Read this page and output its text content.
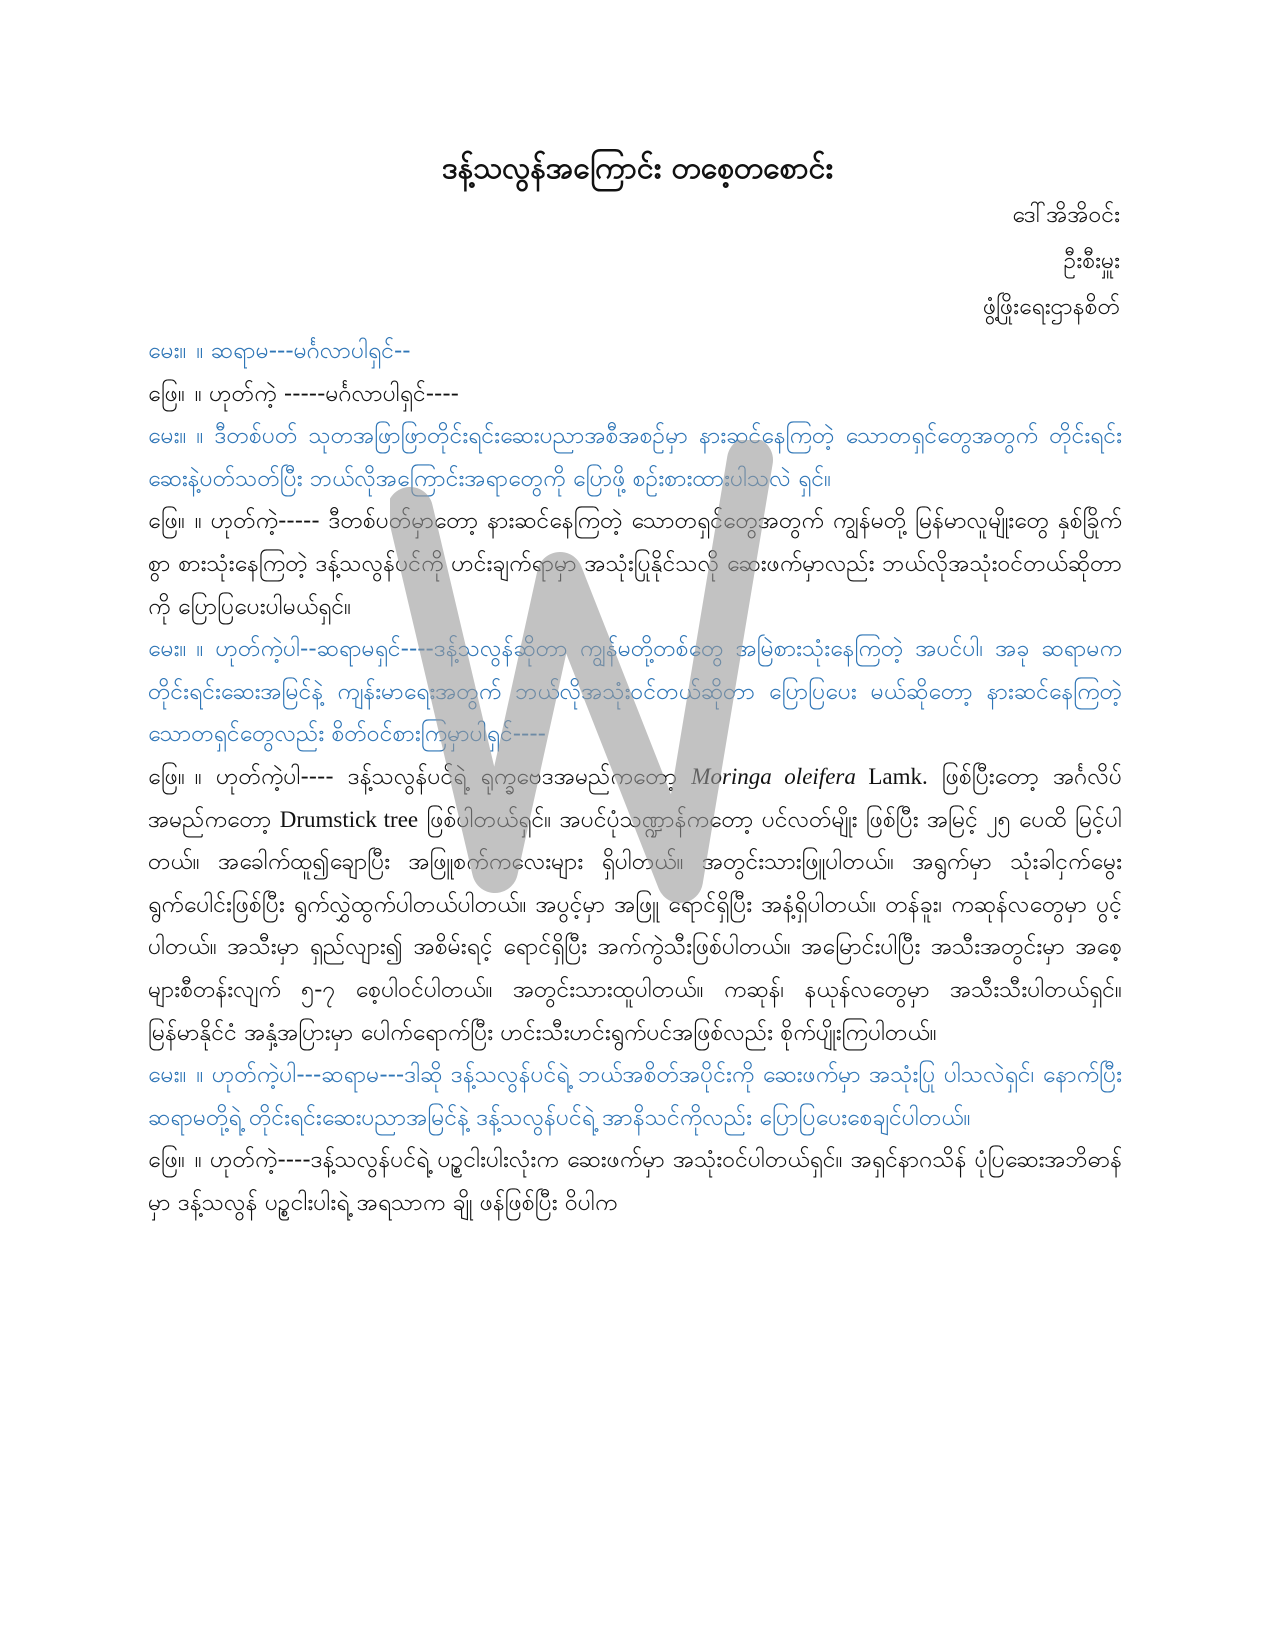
ဒန့်သလွန်အကြောင်း တစေ့တစောင်း
ဒေါ်အိအိဝင်း
ဦးစီးမှူး
ဖွံ့ဖြိုးရေးဌာနစိတ်

မေး။ ။ ဆရာမ---မင်္ဂလာပါရှင်--

ဖြေ။ ။ ဟုတ်ကဲ့ -----မင်္ဂလာပါရှင်----

မေး။ ။ ဒီတစ်ပတ် သုတအဖြာဖြာတိုင်းရင်းဆေးပညာအစီအစဉ်မှာ နားဆင်နေကြတဲ့ သောတရှင်တွေအတွက် တိုင်းရင်းဆေးနဲ့ပတ်သတ်ပြီး ဘယ်လိုအကြောင်းအရာတွေကို ပြောဖို့ စဉ်းစားထားပါသလဲ ရှင်။

ဖြေ။ ။ ဟုတ်ကဲ့----- ဒီတစ်ပတ်မှာတော့ နားဆင်နေကြတဲ့ သောတရှင်တွေအတွက် ကျွန်မတို့ မြန်မာလူမျိုးတွေ နှစ်ခြိုက်စွာ စားသုံးနေကြတဲ့ ဒန့်သလွန်ပင်ကို ဟင်းချက်ရာမှာ အသုံးပြုနိုင်သလို ဆေးဖက်မှာလည်း ဘယ်လိုအသုံးဝင်တယ်ဆိုတာကို ပြောပြပေးပါမယ်ရှင်။

မေး။ ။ ဟုတ်ကဲ့ပါ--ဆရာမရှင်----ဒန့်သလွန်ဆိုတာ ကျွန်မတို့တစ်တွေ အမြဲစားသုံးနေကြတဲ့ အပင်ပါ၊ အခု ဆရာမက တိုင်းရင်းဆေးအမြင်နဲ့ ကျန်းမာရေးအတွက် ဘယ်လိုအသုံးဝင်တယ်ဆိုတာ ပြောပြပေး မယ်ဆိုတော့ နားဆင်နေကြတဲ့ သောတရှင်တွေလည်း စိတ်ဝင်စားကြမှာပါရှင်----

ဖြေ။ ။ ဟုတ်ကဲ့ပါ---- ဒန့်သလွန်ပင်ရဲ့ ရုက္ခဗေဒအမည်ကတော့ Moringa oleifera Lamk. ဖြစ်ပြီးတော့ အင်္ဂလိပ်အမည်ကတော့ Drumstick tree ဖြစ်ပါတယ်ရှင်။ အပင်ပုံသဏ္ဍာန်ကတော့ ပင်လတ်မျိုး ဖြစ်ပြီး အမြင့် ၂၅ ပေထိ မြင့်ပါတယ်။ အခေါက်ထူ၍ချောပြီး အဖြူစက်ကလေးများ ရှိပါတယ်။ အတွင်းသားဖြူပါတယ်။ အရွက်မှာ သုံးခါငှက်မွေးရွက်ပေါင်းဖြစ်ပြီး ရွက်လွှဲထွက်ပါတယ်ပါတယ်။ အပွင့်မှာ အဖြူ ရောင်ရှိပြီး အနံ့ရှိပါတယ်။ တန်ခူး၊ ကဆုန်လတွေမှာ ပွင့်ပါတယ်။ အသီးမှာ ရှည်လျား၍ အစိမ်းရင့် ရောင်ရှိပြီး အက်ကွဲသီးဖြစ်ပါတယ်။ အမြောင်းပါပြီး အသီးအတွင်းမှာ အစေ့များစီတန်းလျက် ၅-၇ စေ့ပါဝင်ပါတယ်။ အတွင်းသားထူပါတယ်။ ကဆုန်၊ နယုန်လတွေမှာ အသီးသီးပါတယ်ရှင်။ မြန်မာနိုင်ငံ အနှံ့အပြားမှာ ပေါက်ရောက်ပြီး ဟင်းသီးဟင်းရွက်ပင်အဖြစ်လည်း စိုက်ပျိုးကြပါတယ်။

မေး။ ။ ဟုတ်ကဲ့ပါ---ဆရာမ---ဒါဆို ဒန့်သလွန်ပင်ရဲ့ ဘယ်အစိတ်အပိုင်းကို ဆေးဖက်မှာ အသုံးပြု ပါသလဲရှင်၊ နောက်ပြီး ဆရာမတို့ရဲ့ တိုင်းရင်းဆေးပညာအမြင်နဲ့ ဒန့်သလွန်ပင်ရဲ့ အာနိသင်ကိုလည်း ပြောပြပေးစေချင်ပါတယ်။

ဖြေ။ ။ ဟုတ်ကဲ့----ဒန့်သလွန်ပင်ရဲ့ ပဉ္စငါးပါးလုံးက ဆေးဖက်မှာ အသုံးဝင်ပါတယ်ရှင်။ အရှင်နာဂသိန် ပုံပြဆေးအဘိဓာန်မှာ ဒန့်သလွန် ပဉ္စငါးပါးရဲ့ အရသာက ချို ဖန်ဖြစ်ပြီး ဝိပါက
